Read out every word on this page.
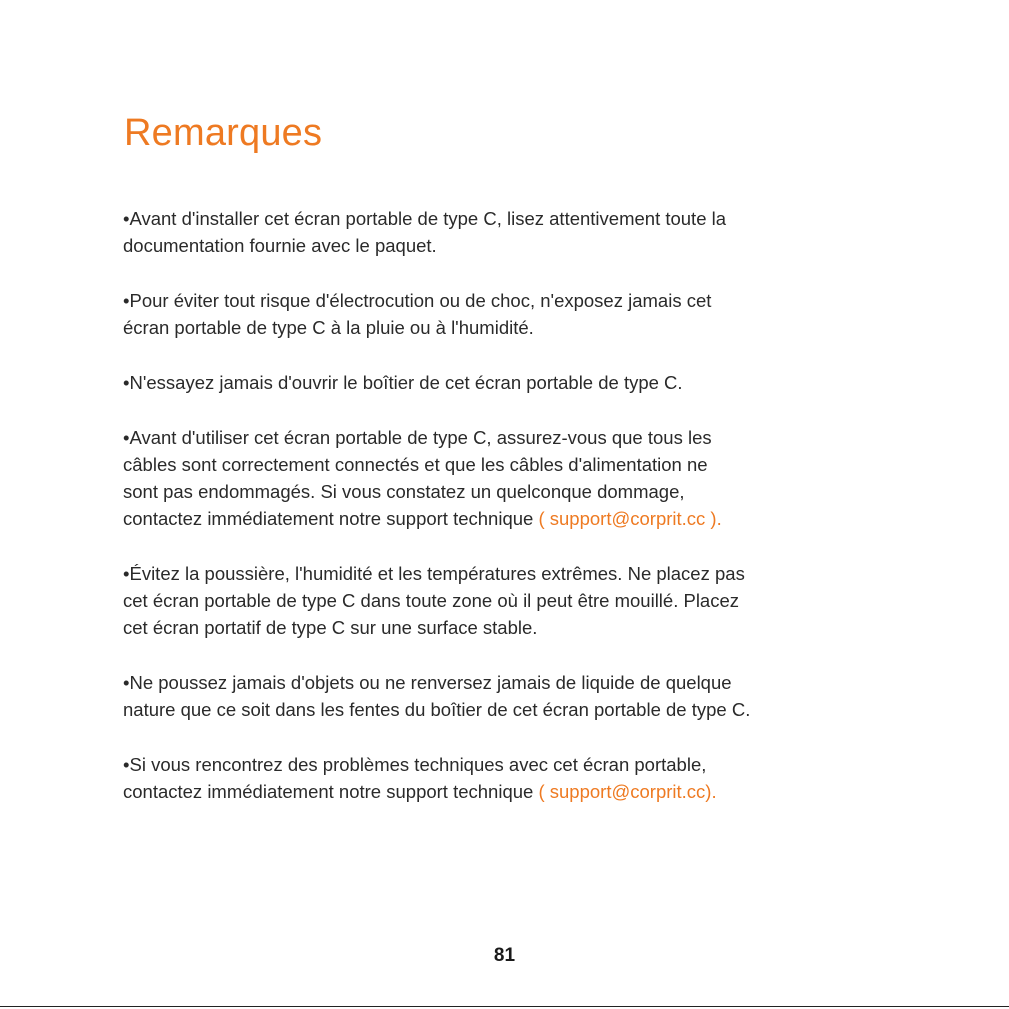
Remarques
•Avant d'installer cet écran portable de type C, lisez attentivement toute la
documentation fournie avec le paquet.
•Pour éviter tout risque d'électrocution ou de choc, n'exposez jamais cet
écran portable de type C à la pluie ou à l'humidité.
•N'essayez jamais d'ouvrir le boîtier de cet écran portable de type C.
•Avant d'utiliser cet écran portable de type C, assurez-vous que tous les
câbles sont correctement connectés et que les câbles d'alimentation ne
sont pas endommagés. Si vous constatez un quelconque dommage,
contactez immédiatement notre support technique ( support@corprit.cc ).
•Évitez la poussière, l'humidité et les températures extrêmes. Ne placez pas
cet écran portable de type C dans toute zone où il peut être mouillé. Placez
cet écran portatif de type C sur une surface stable.
•Ne poussez jamais d'objets ou ne renversez jamais de liquide de quelque
nature que ce soit dans les fentes du boîtier de cet écran portable de type C.
•Si vous rencontrez des problèmes techniques avec cet écran portable,
contactez immédiatement notre support technique ( support@corprit.cc).
81
